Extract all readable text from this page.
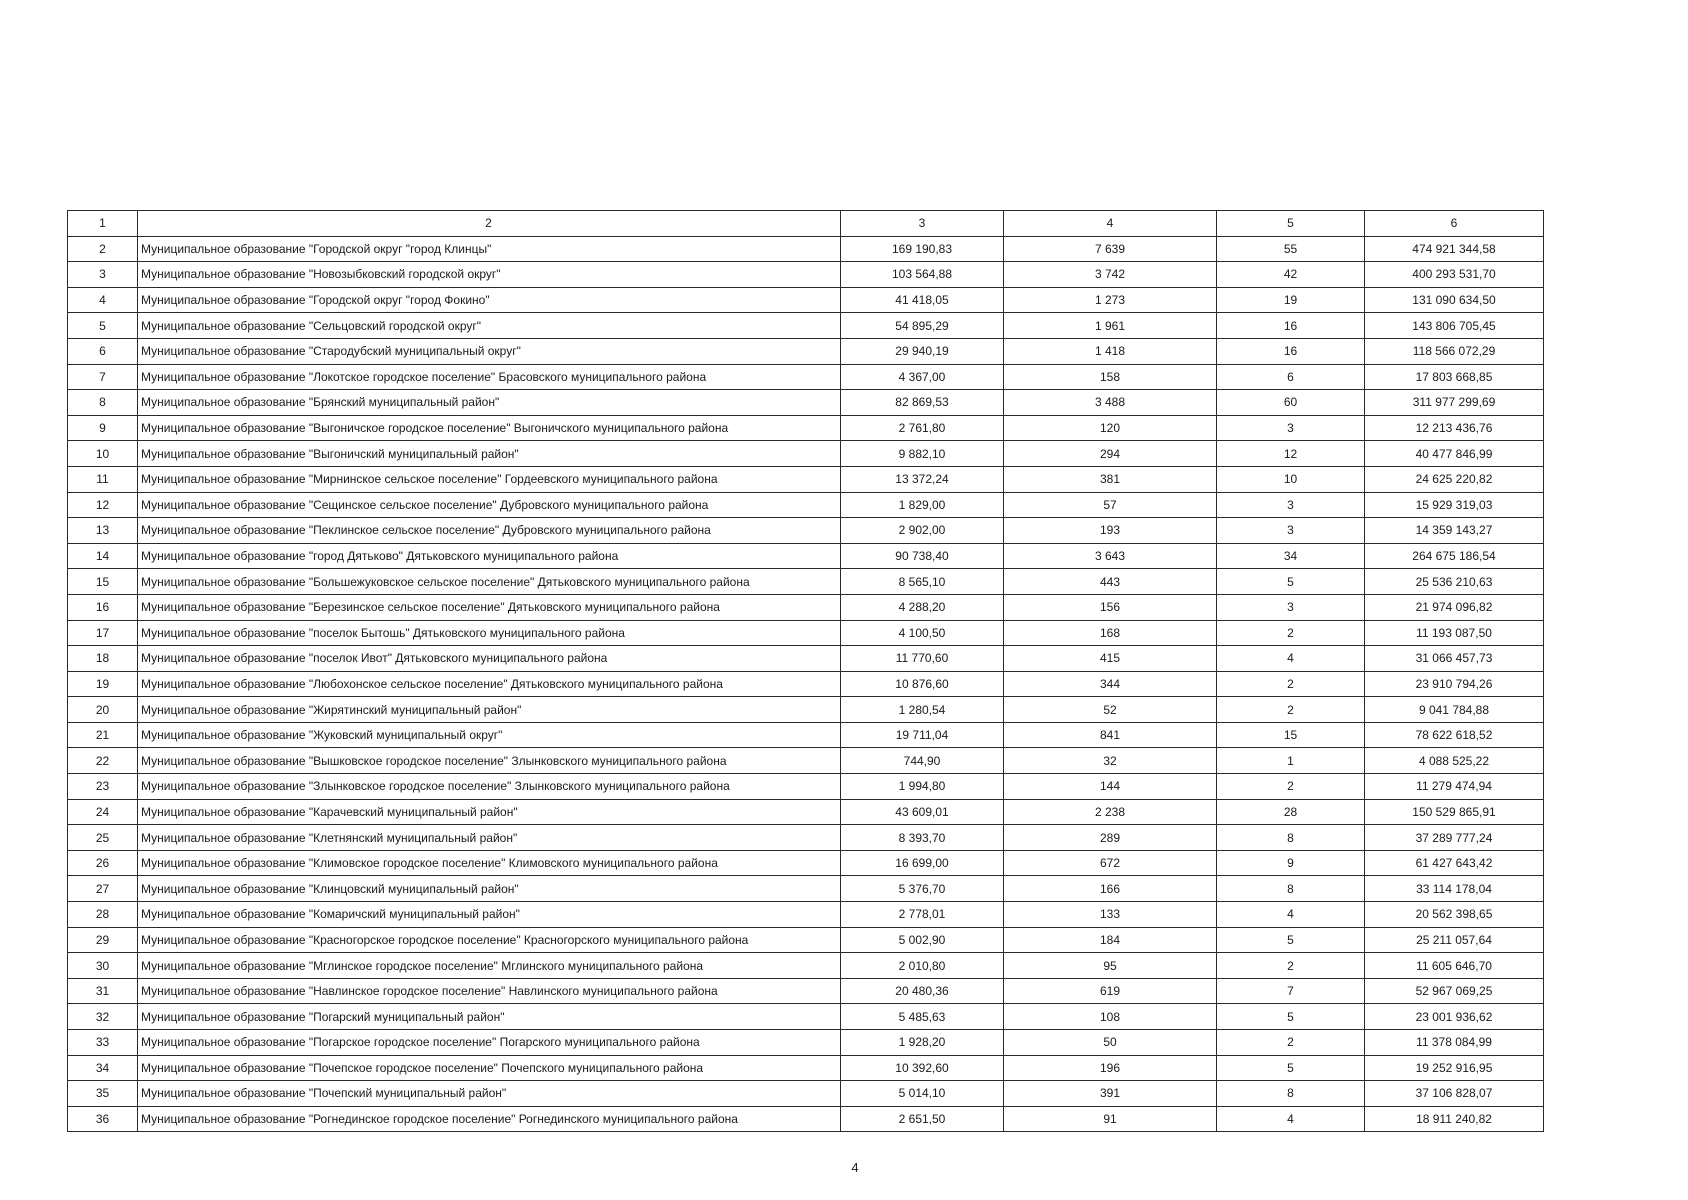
1	2	3	4	5	6
2	Муниципальное образование "Городской округ "город Клинцы"	169 190,83	7 639	55	474 921 344,58
3	Муниципальное образование "Новозыбковский городской округ"	103 564,88	3 742	42	400 293 531,70
4	Муниципальное образование "Городской округ "город Фокино"	41 418,05	1 273	19	131 090 634,50
5	Муниципальное образование "Сельцовский городской округ"	54 895,29	1 961	16	143 806 705,45
6	Муниципальное образование "Стародубский муниципальный округ"	29 940,19	1 418	16	118 566 072,29
7	Муниципальное образование "Локотское городское поселение" Брасовского муниципального района	4 367,00	158	6	17 803 668,85
8	Муниципальное образование "Брянский муниципальный район"	82 869,53	3 488	60	311 977 299,69
9	Муниципальное образование "Выгоничское городское поселение" Выгоничского муниципального района	2 761,80	120	3	12 213 436,76
10	Муниципальное образование "Выгоничский муниципальный район"	9 882,10	294	12	40 477 846,99
11	Муниципальное образование "Мирнинское сельское поселение" Гордеевского муниципального района	13 372,24	381	10	24 625 220,82
12	Муниципальное образование "Сещинское сельское поселение" Дубровского муниципального района	1 829,00	57	3	15 929 319,03
13	Муниципальное образование "Пеклинское сельское поселение" Дубровского муниципального района	2 902,00	193	3	14 359 143,27
14	Муниципальное образование "город Дятьково" Дятьковского муниципального района	90 738,40	3 643	34	264 675 186,54
15	Муниципальное образование "Большежуковское сельское поселение" Дятьковского муниципального района	8 565,10	443	5	25 536 210,63
16	Муниципальное образование "Березинское сельское поселение" Дятьковского муниципального района	4 288,20	156	3	21 974 096,82
17	Муниципальное образование "поселок Бытошь" Дятьковского муниципального района	4 100,50	168	2	11 193 087,50
18	Муниципальное образование "поселок Ивот" Дятьковского муниципального района	11 770,60	415	4	31 066 457,73
19	Муниципальное образование "Любохонское сельское поселение" Дятьковского муниципального района	10 876,60	344	2	23 910 794,26
20	Муниципальное образование "Жирятинский муниципальный район"	1 280,54	52	2	9 041 784,88
21	Муниципальное образование "Жуковский муниципальный округ"	19 711,04	841	15	78 622 618,52
22	Муниципальное образование "Вышковское городское поселение" Злынковского муниципального района	744,90	32	1	4 088 525,22
23	Муниципальное образование "Злынковское городское поселение" Злынковского муниципального района	1 994,80	144	2	11 279 474,94
24	Муниципальное образование "Карачевский муниципальный район"	43 609,01	2 238	28	150 529 865,91
25	Муниципальное образование "Клетнянский муниципальный район"	8 393,70	289	8	37 289 777,24
26	Муниципальное образование "Климовское городское поселение" Климовского муниципального района	16 699,00	672	9	61 427 643,42
27	Муниципальное образование "Клинцовский муниципальный район"	5 376,70	166	8	33 114 178,04
28	Муниципальное образование "Комаричский муниципальный район"	2 778,01	133	4	20 562 398,65
29	Муниципальное образование "Красногорское городское поселение" Красногорского муниципального района	5 002,90	184	5	25 211 057,64
30	Муниципальное образование "Мглинское городское поселение" Мглинского муниципального района	2 010,80	95	2	11 605 646,70
31	Муниципальное образование "Навлинское городское поселение" Навлинского муниципального района	20 480,36	619	7	52 967 069,25
32	Муниципальное образование "Погарский муниципальный район"	5 485,63	108	5	23 001 936,62
33	Муниципальное образование "Погарское городское поселение" Погарского муниципального района	1 928,20	50	2	11 378 084,99
34	Муниципальное образование "Почепское городское поселение" Почепского муниципального района	10 392,60	196	5	19 252 916,95
35	Муниципальное образование "Почепский муниципальный район"	5 014,10	391	8	37 106 828,07
36	Муниципальное образование "Рогнединское городское поселение" Рогнединского муниципального района	2 651,50	91	4	18 911 240,82
4
